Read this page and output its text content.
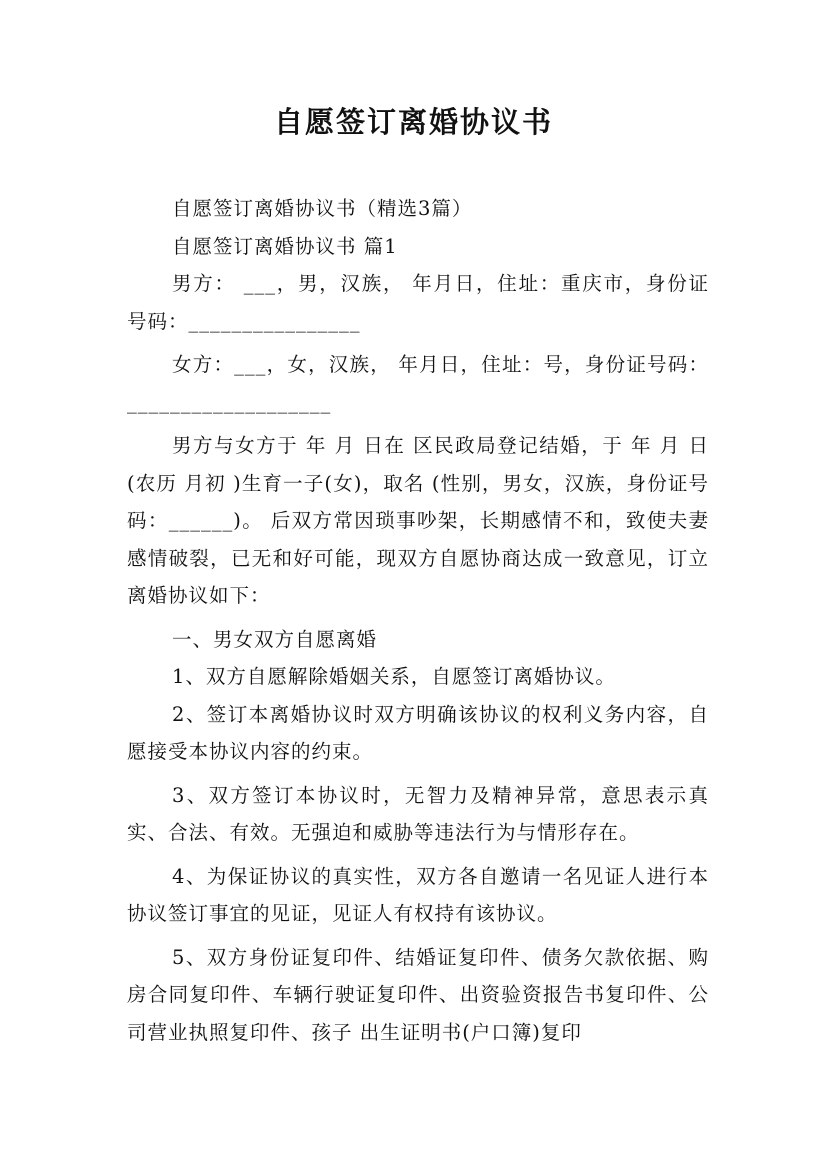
自愿签订离婚协议书

自愿签订离婚协议书（精选3篇）

自愿签订离婚协议书 篇1

男方： ___，男，汉族， 年月日，住址：重庆市，身份证号码：________________

女方：___，女，汉族， 年月日，住址：号，身份证号码：___________________

男方与女方于 年 月 日在 区民政局登记结婚，于 年 月 日(农历 月初 )生育一子(女)，取名 (性别，男女，汉族，身份证号码：______)。 后双方常因琐事吵架，长期感情不和，致使夫妻感情破裂，已无和好可能，现双方自愿协商达成一致意见，订立离婚协议如下：

一、男女双方自愿离婚

1、双方自愿解除婚姻关系，自愿签订离婚协议。

2、签订本离婚协议时双方明确该协议的权利义务内容，自愿接受本协议内容的约束。

3、双方签订本协议时，无智力及精神异常，意思表示真实、合法、有效。无强迫和威胁等违法行为与情形存在。

4、为保证协议的真实性，双方各自邀请一名见证人进行本协议签订事宜的见证，见证人有权持有该协议。

5、双方身份证复印件、结婚证复印件、债务欠款依据、购房合同复印件、车辆行驶证复印件、出资验资报告书复印件、公司营业执照复印件、孩子 出生证明书(户口簿)复印
